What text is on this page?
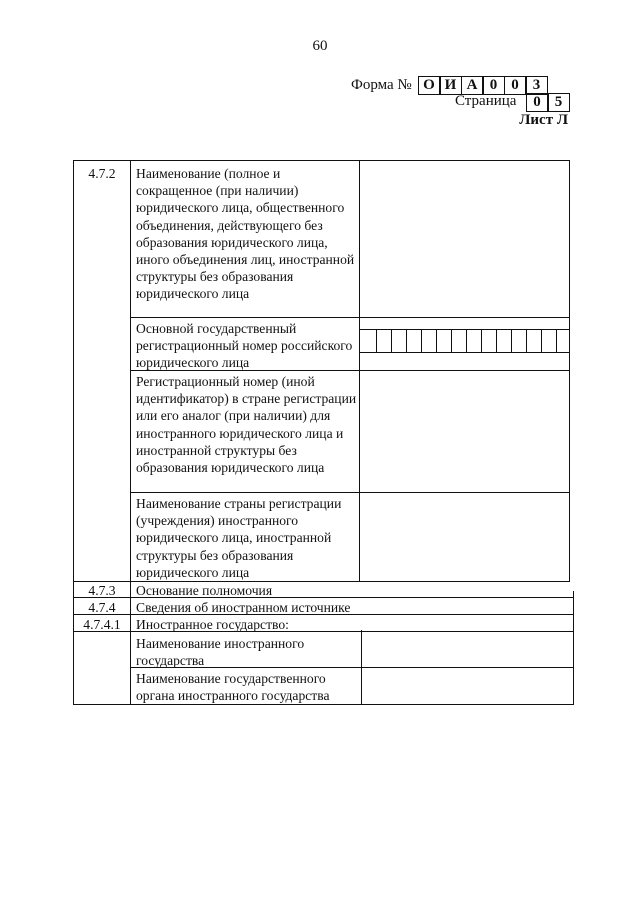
60
Форма № О И А 0 0 3
Страница	0 5
Лист Л
4.7.2	Наименование (полное и сокращенное (при наличии) юридического лица, общественного объединения, действующего без образования юридического лица, иного объединения лиц, иностранной структуры без образования юридического лица
Основной государственный регистрационный номер российского юридического лица
Регистрационный номер (иной идентификатор) в стране регистрации или его аналог (при наличии) для иностранного юридического лица и иностранной структуры без образования юридического лица
Наименование страны регистрации (учреждения) иностранного юридического лица, иностранной структуры без образования юридического лица
4.7.3	Основание полномочия
4.7.4	Сведения об иностранном источнике
4.7.4.1	Иностранное государство:
Наименование иностранного государства
Наименование государственного органа иностранного государства
